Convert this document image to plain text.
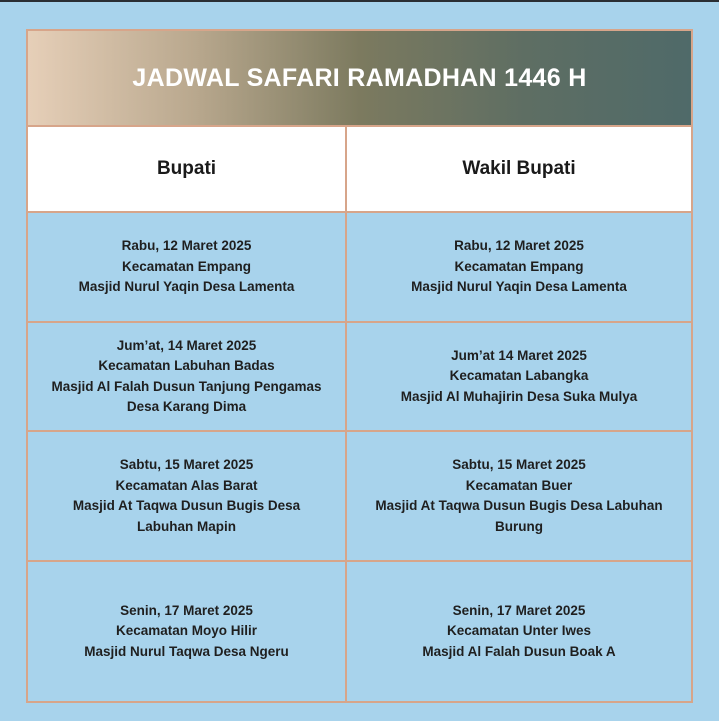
JADWAL SAFARI RAMADHAN 1446 H
Bupati	Wakil Bupati
Rabu, 12 Maret 2025
Kecamatan Empang
Masjid Nurul Yaqin Desa Lamenta
Rabu, 12 Maret 2025
Kecamatan Empang
Masjid Nurul Yaqin Desa Lamenta
Jum’at, 14 Maret 2025
Kecamatan Labuhan Badas
Masjid Al Falah Dusun Tanjung Pengamas
Desa Karang Dima
Jum’at 14 Maret 2025
Kecamatan Labangka
Masjid Al Muhajirin Desa Suka Mulya
Sabtu, 15 Maret 2025
Kecamatan Alas Barat
Masjid At Taqwa Dusun Bugis Desa
Labuhan Mapin
Sabtu, 15 Maret 2025
Kecamatan Buer
Masjid At Taqwa Dusun Bugis Desa Labuhan
Burung
Senin, 17 Maret 2025
Kecamatan Moyo Hilir
Masjid Nurul Taqwa Desa Ngeru
Senin, 17 Maret 2025
Kecamatan Unter Iwes
Masjid Al Falah Dusun Boak A
